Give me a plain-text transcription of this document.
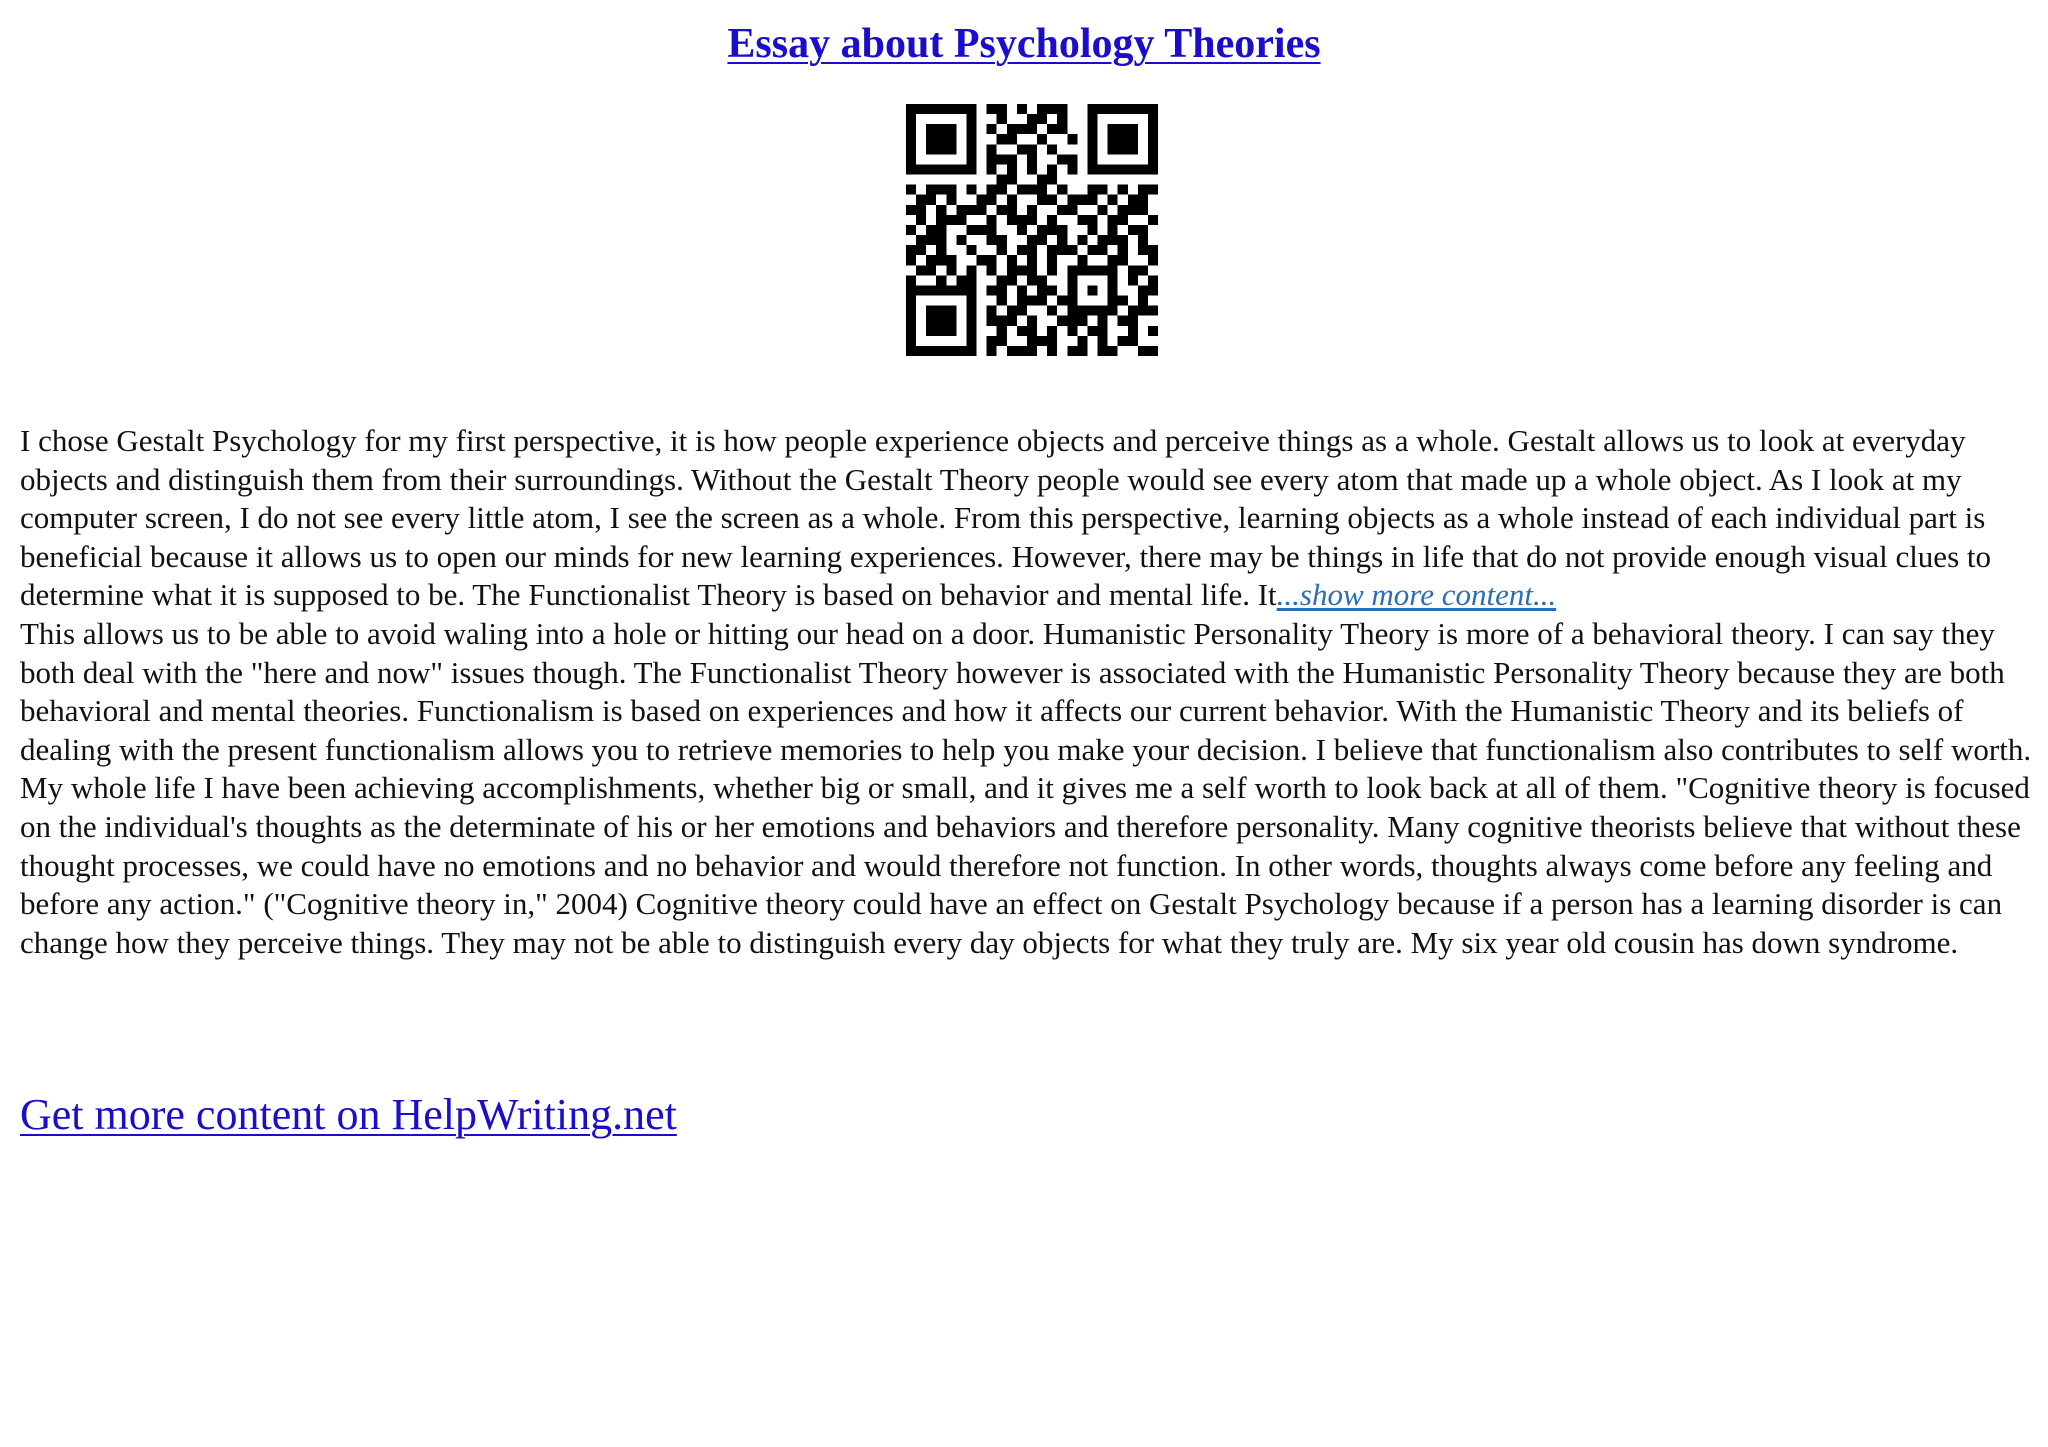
Essay about Psychology Theories

I chose Gestalt Psychology for my first perspective, it is how people experience objects and perceive things as a whole. Gestalt allows us to look at everyday objects and distinguish them from their surroundings. Without the Gestalt Theory people would see every atom that made up a whole object. As I look at my computer screen, I do not see every little atom, I see the screen as a whole. From this perspective, learning objects as a whole instead of each individual part is beneficial because it allows us to open our minds for new learning experiences. However, there may be things in life that do not provide enough visual clues to determine what it is supposed to be. The Functionalist Theory is based on behavior and mental life. It...show more content...
This allows us to be able to avoid waling into a hole or hitting our head on a door. Humanistic Personality Theory is more of a behavioral theory. I can say they both deal with the "here and now" issues though. The Functionalist Theory however is associated with the Humanistic Personality Theory because they are both behavioral and mental theories. Functionalism is based on experiences and how it affects our current behavior. With the Humanistic Theory and its beliefs of dealing with the present functionalism allows you to retrieve memories to help you make your decision. I believe that functionalism also contributes to self worth. My whole life I have been achieving accomplishments, whether big or small, and it gives me a self worth to look back at all of them. "Cognitive theory is focused on the individual's thoughts as the determinate of his or her emotions and behaviors and therefore personality. Many cognitive theorists believe that without these thought processes, we could have no emotions and no behavior and would therefore not function. In other words, thoughts always come before any feeling and before any action." ("Cognitive theory in," 2004) Cognitive theory could have an effect on Gestalt Psychology because if a person has a learning disorder is can change how they perceive things. They may not be able to distinguish every day objects for what they truly are. My six year old cousin has down syndrome.

Get more content on HelpWriting.net
